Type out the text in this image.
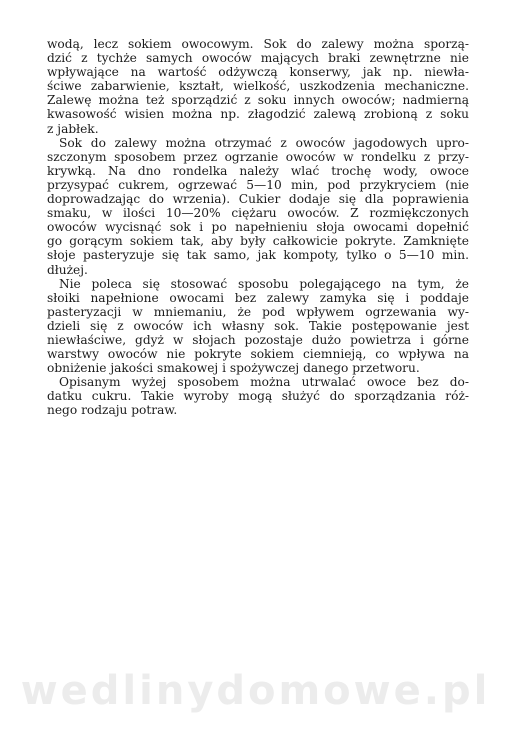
wodą, lecz sokiem owocowym. Sok do zalewy można sporzą-
dzić z tychże samych owoców mających braki zewnętrzne nie
wpływające na wartość odżywczą konserwy, jak np. niewła-
ściwe zabarwienie, kształt, wielkość, uszkodzenia mechaniczne.
Zalewę można też sporządzić z soku innych owoców; nadmierną
kwasowość wisien można np. złagodzić zalewą zrobioną z soku
z jabłek.
Sok do zalewy można otrzymać z owoców jagodowych upro-
szczonym sposobem przez ogrzanie owoców w rondelku z przy-
krywką. Na dno rondelka należy wlać trochę wody, owoce
przysypać cukrem, ogrzewać 5—10 min, pod przykryciem (nie
doprowadzając do wrzenia). Cukier dodaje się dla poprawienia
smaku, w ilości 10—20% ciężaru owoców. Z rozmiękczonych
owoców wycisnąć sok i po napełnieniu słoja owocami dopełnić
go gorącym sokiem tak, aby były całkowicie pokryte. Zamknięte
słoje pasteryzuje się tak samo, jak kompoty, tylko o 5—10 min.
dłużej.
Nie poleca się stosować sposobu polegającego na tym, że
słoiki napełnione owocami bez zalewy zamyka się i poddaje
pasteryzacji w mniemaniu, że pod wpływem ogrzewania wy-
dzieli się z owoców ich własny sok. Takie postępowanie jest
niewłaściwe, gdyż w słojach pozostaje dużo powietrza i górne
warstwy owoców nie pokryte sokiem ciemnieją, co wpływa na
obniżenie jakości smakowej i spożywczej danego przetworu.
Opisanym wyżej sposobem można utrwalać owoce bez do-
datku cukru. Takie wyroby mogą służyć do sporządzania róż-
nego rodzaju potraw.
wedlinydomowe.pl
